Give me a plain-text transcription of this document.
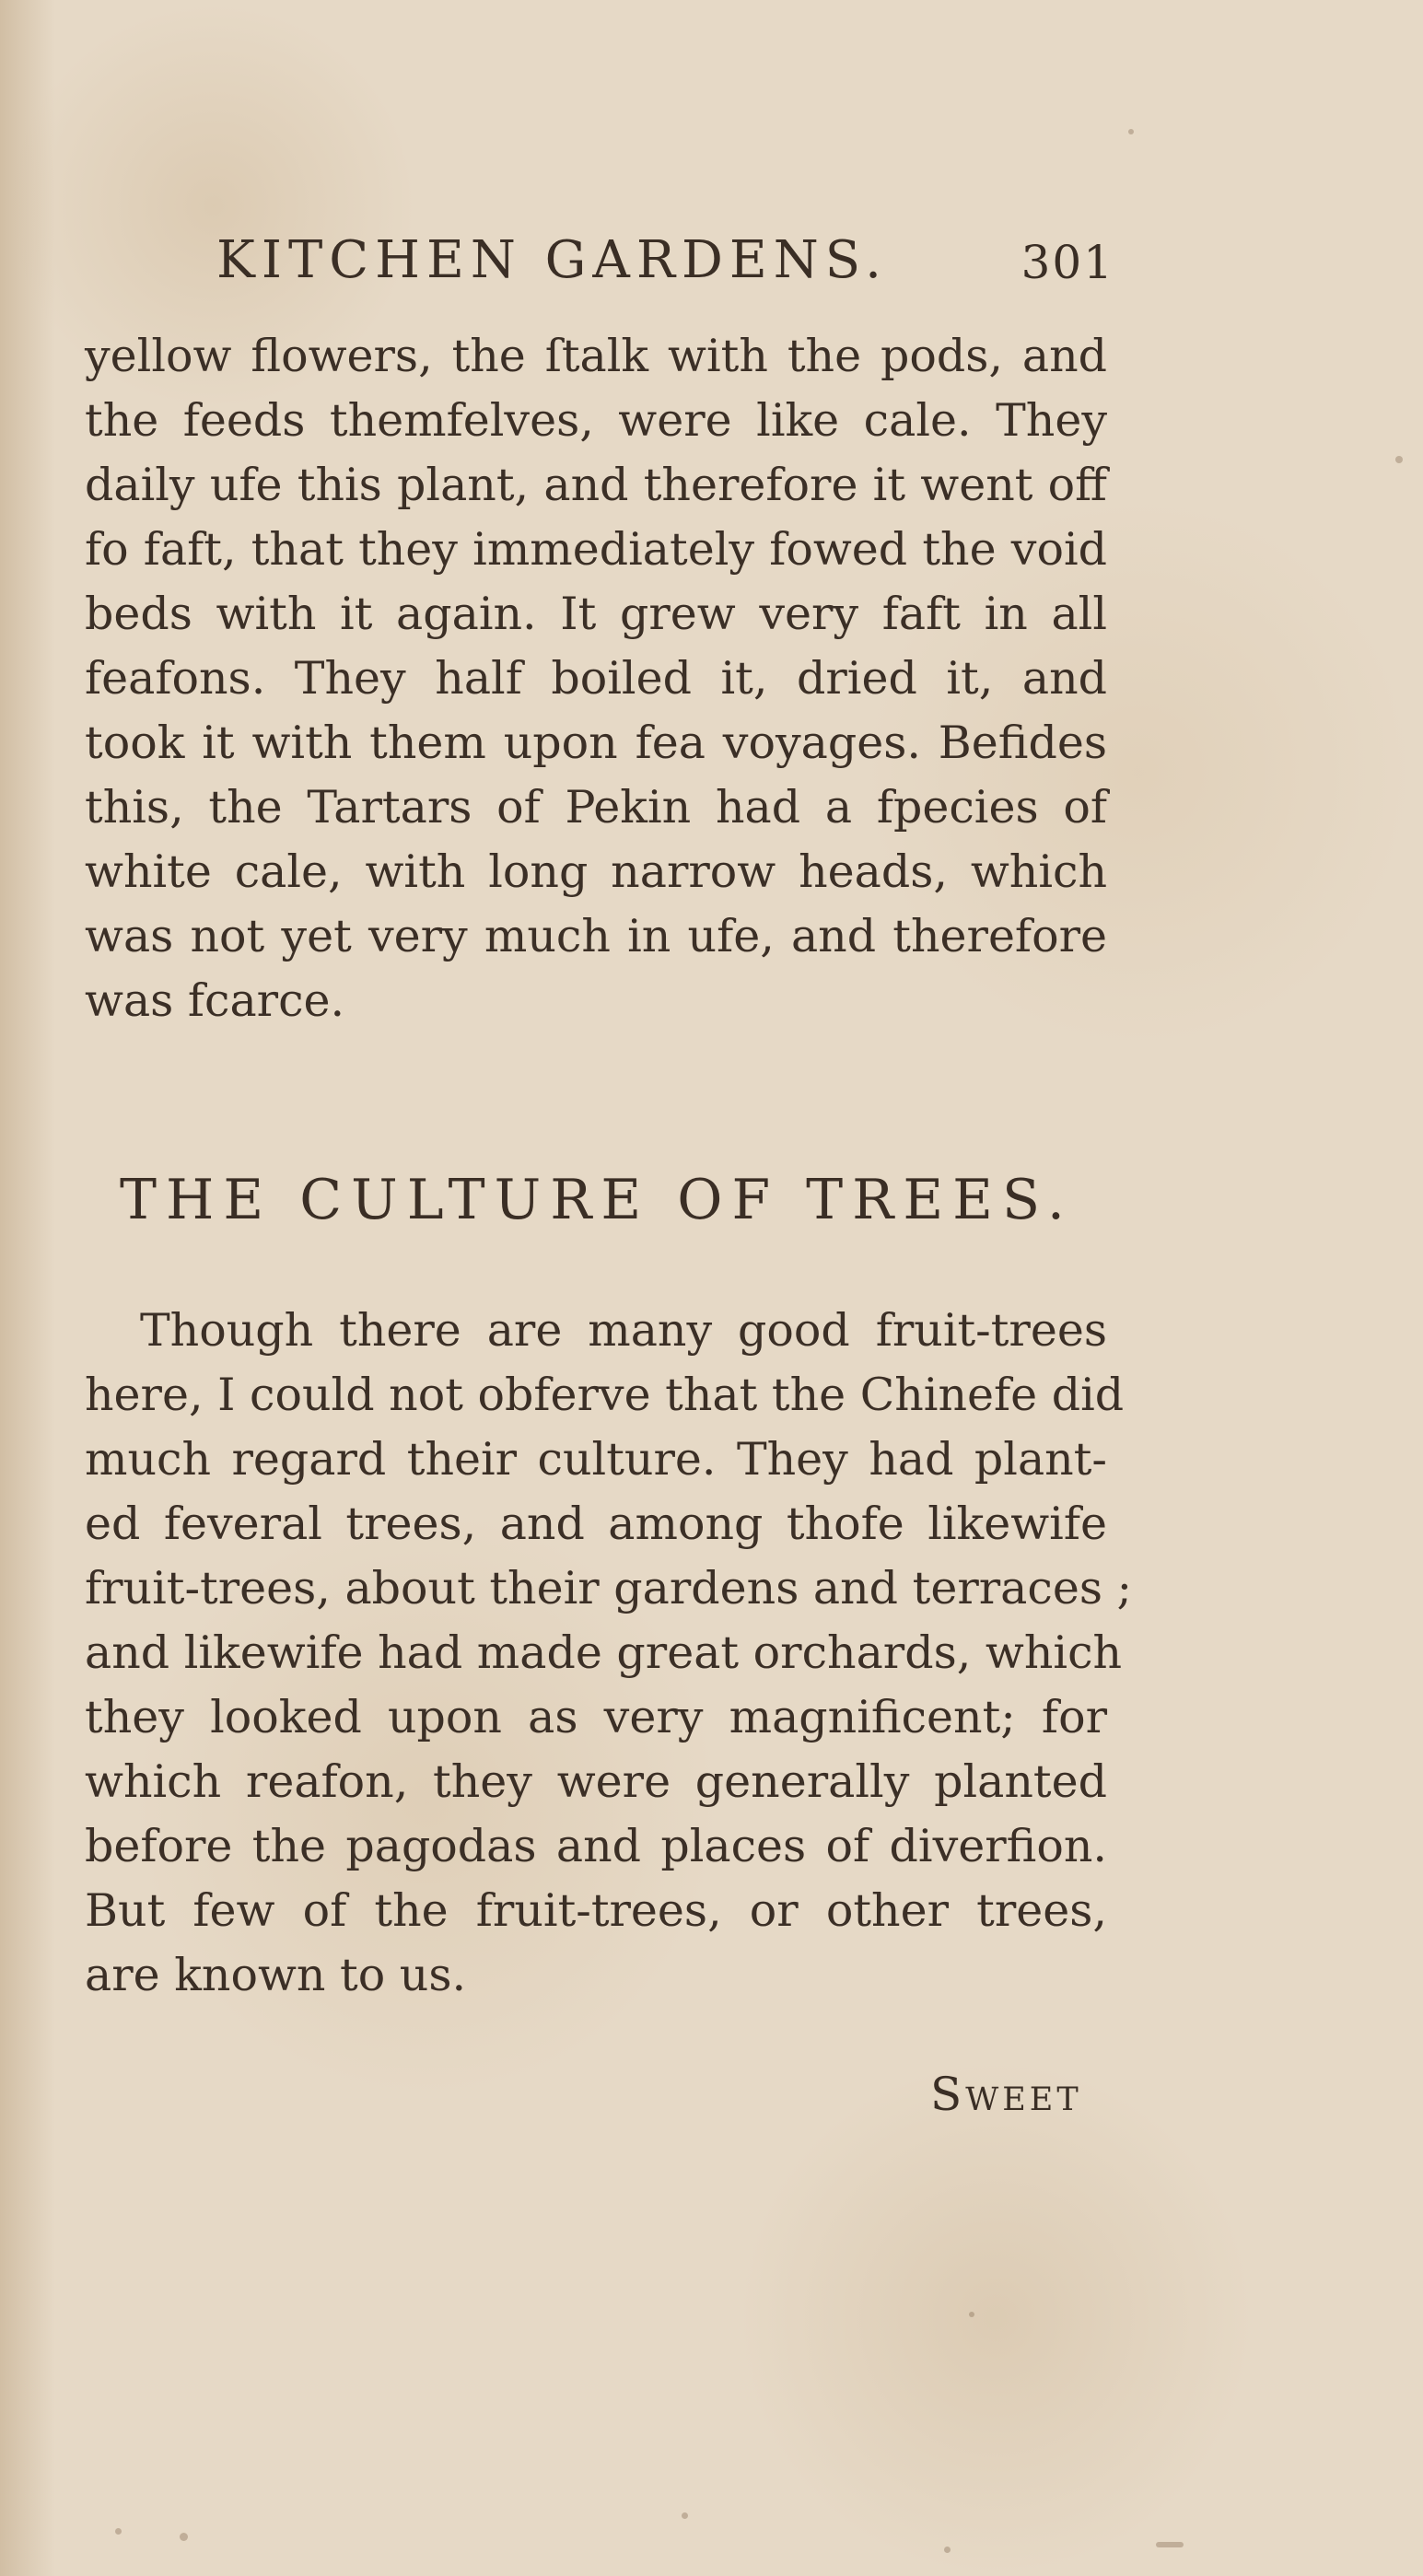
KITCHEN GARDENS.	301
yellow flowers, the ſtalk with the pods, and
the feeds themfelves, were like cale. They
daily ufe this plant, and therefore it went off
fo faft, that they immediately fowed the void
beds with it again. It grew very faft in all
feafons. They half boiled it, dried it, and
took it with them upon fea voyages. Befides
this, the Tartars of Pekin had a fpecies of
white cale, with long narrow heads, which
was not yet very much in ufe, and therefore
was fcarce.
THE CULTURE OF TREES.
Though there are many good fruit-trees
here, I could not obferve that the Chinefe did
much regard their culture. They had plant-
ed feveral trees, and among thofe likewife
fruit-trees, about their gardens and terraces ;
and likewife had made great orchards, which
they looked upon as very magnificent; for
which reafon, they were generally planted
before the pagodas and places of diverfion.
But few of the fruit-trees, or other trees,
are known to us.
Sweet
